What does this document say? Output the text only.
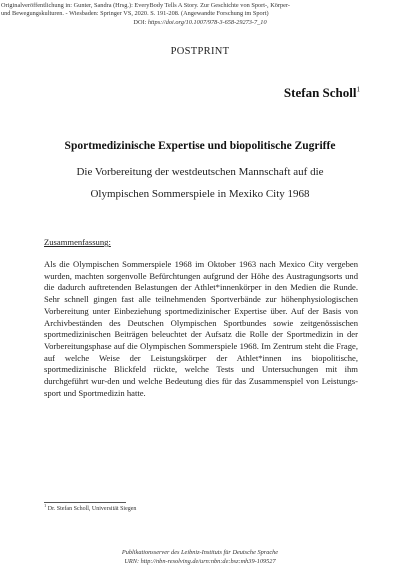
Originalveröffentlichung in: Gunter, Sandra (Hrsg.): EveryBody Tells A Story. Zur Geschichte von Sport-, Körper-
und Bewegungskulturen. - Wiesbaden: Springer VS, 2020. S. 191-208. (Angewandte Forschung im Sport)
DOI: https://doi.org/10.1007/978-3-658-29273-7_10
POSTPRINT
Stefan Scholl$^1$
Sportmedizinische Expertise und biopolitische Zugriffe
Die Vorbereitung der westdeutschen Mannschaft auf die
Olympischen Sommerspiele in Mexiko City 1968
Zusammenfassung:
Als die Olympischen Sommerspiele 1968 im Oktober 1963 nach Mexico City vergeben wurden, machten sorgenvolle Befürchtungen aufgrund der Höhe des Austragungsorts und die dadurch auftretenden Belastungen der Athlet*innenkörper in den Medien die Runde. Sehr schnell gingen fast alle teilnehmenden Sportverbände zur höhenphysiologischen Vorbereitung unter Einbeziehung sportmedizinischer Expertise über. Auf der Basis von Archivbeständen des Deutschen Olympischen Sportbundes sowie zeitgenössischen sportmedizinischen Beiträgen beleuchtet der Aufsatz die Rolle der Sportmedizin in der Vorbereitungsphase auf die Olympischen Sommerspiele 1968. Im Zentrum steht die Frage, auf welche Weise der Leistungskörper der Athlet*innen ins biopolitische, sportmedizinische Blickfeld rückte, welche Tests und Untersuchungen mit ihm durchgeführt wur-den und welche Bedeutung dies für das Zusammenspiel von Leistungs-sport und Sportmedizin hatte.
$^1$ Dr. Stefan Scholl, Universität Siegen
Publikationsserver des Leibniz-Instituts für Deutsche Sprache
URN: http://nbn-resolving.de/urn:nbn:de:bsz:mh39-109527
